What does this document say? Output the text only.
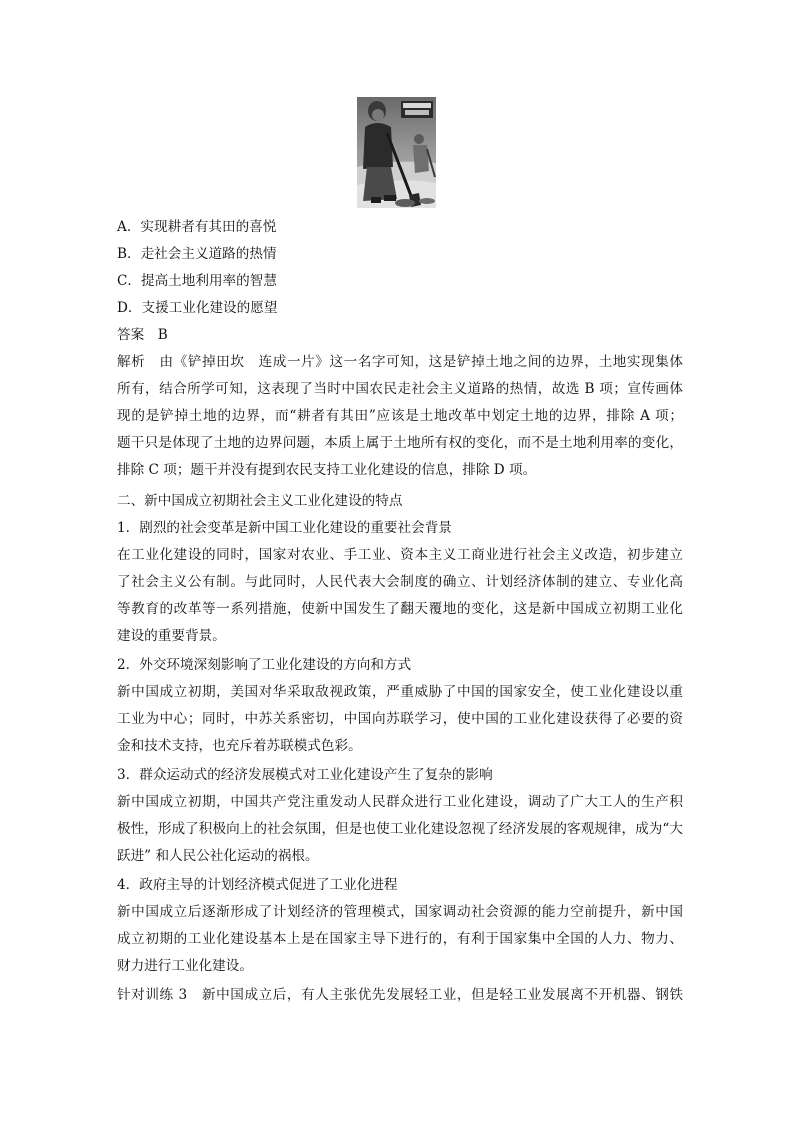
A．实现耕者有其田的喜悦
B．走社会主义道路的热情
C．提高土地利用率的智慧
D．支援工业化建设的愿望
答案　B
解析　由《铲掉田坎　连成一片》这一名字可知，这是铲掉土地之间的边界，土地实现集体
所有，结合所学可知，这表现了当时中国农民走社会主义道路的热情，故选 B 项；宣传画体
现的是铲掉土地的边界，而“耕者有其田”应该是土地改革中划定土地的边界，排除 A 项；
题干只是体现了土地的边界问题，本质上属于土地所有权的变化，而不是土地利用率的变化，
排除 C 项；题干并没有提到农民支持工业化建设的信息，排除 D 项。
二、新中国成立初期社会主义工业化建设的特点
1．剧烈的社会变革是新中国工业化建设的重要社会背景
在工业化建设的同时，国家对农业、手工业、资本主义工商业进行社会主义改造，初步建立
了社会主义公有制。与此同时，人民代表大会制度的确立、计划经济体制的建立、专业化高
等教育的改革等一系列措施，使新中国发生了翻天覆地的变化，这是新中国成立初期工业化
建设的重要背景。
2．外交环境深刻影响了工业化建设的方向和方式
新中国成立初期，美国对华采取敌视政策，严重威胁了中国的国家安全，使工业化建设以重
工业为中心；同时，中苏关系密切，中国向苏联学习，使中国的工业化建设获得了必要的资
金和技术支持，也充斥着苏联模式色彩。
3．群众运动式的经济发展模式对工业化建设产生了复杂的影响
新中国成立初期，中国共产党注重发动人民群众进行工业化建设，调动了广大工人的生产积
极性，形成了积极向上的社会氛围，但是也使工业化建设忽视了经济发展的客观规律，成为“大
跃进” 和人民公社化运动的祸根。
4．政府主导的计划经济模式促进了工业化进程
新中国成立后逐渐形成了计划经济的管理模式，国家调动社会资源的能力空前提升，新中国
成立初期的工业化建设基本上是在国家主导下进行的，有利于国家集中全国的人力、物力、
财力进行工业化建设。
针对训练 3　新中国成立后，有人主张优先发展轻工业，但是轻工业发展离不开机器、钢铁
